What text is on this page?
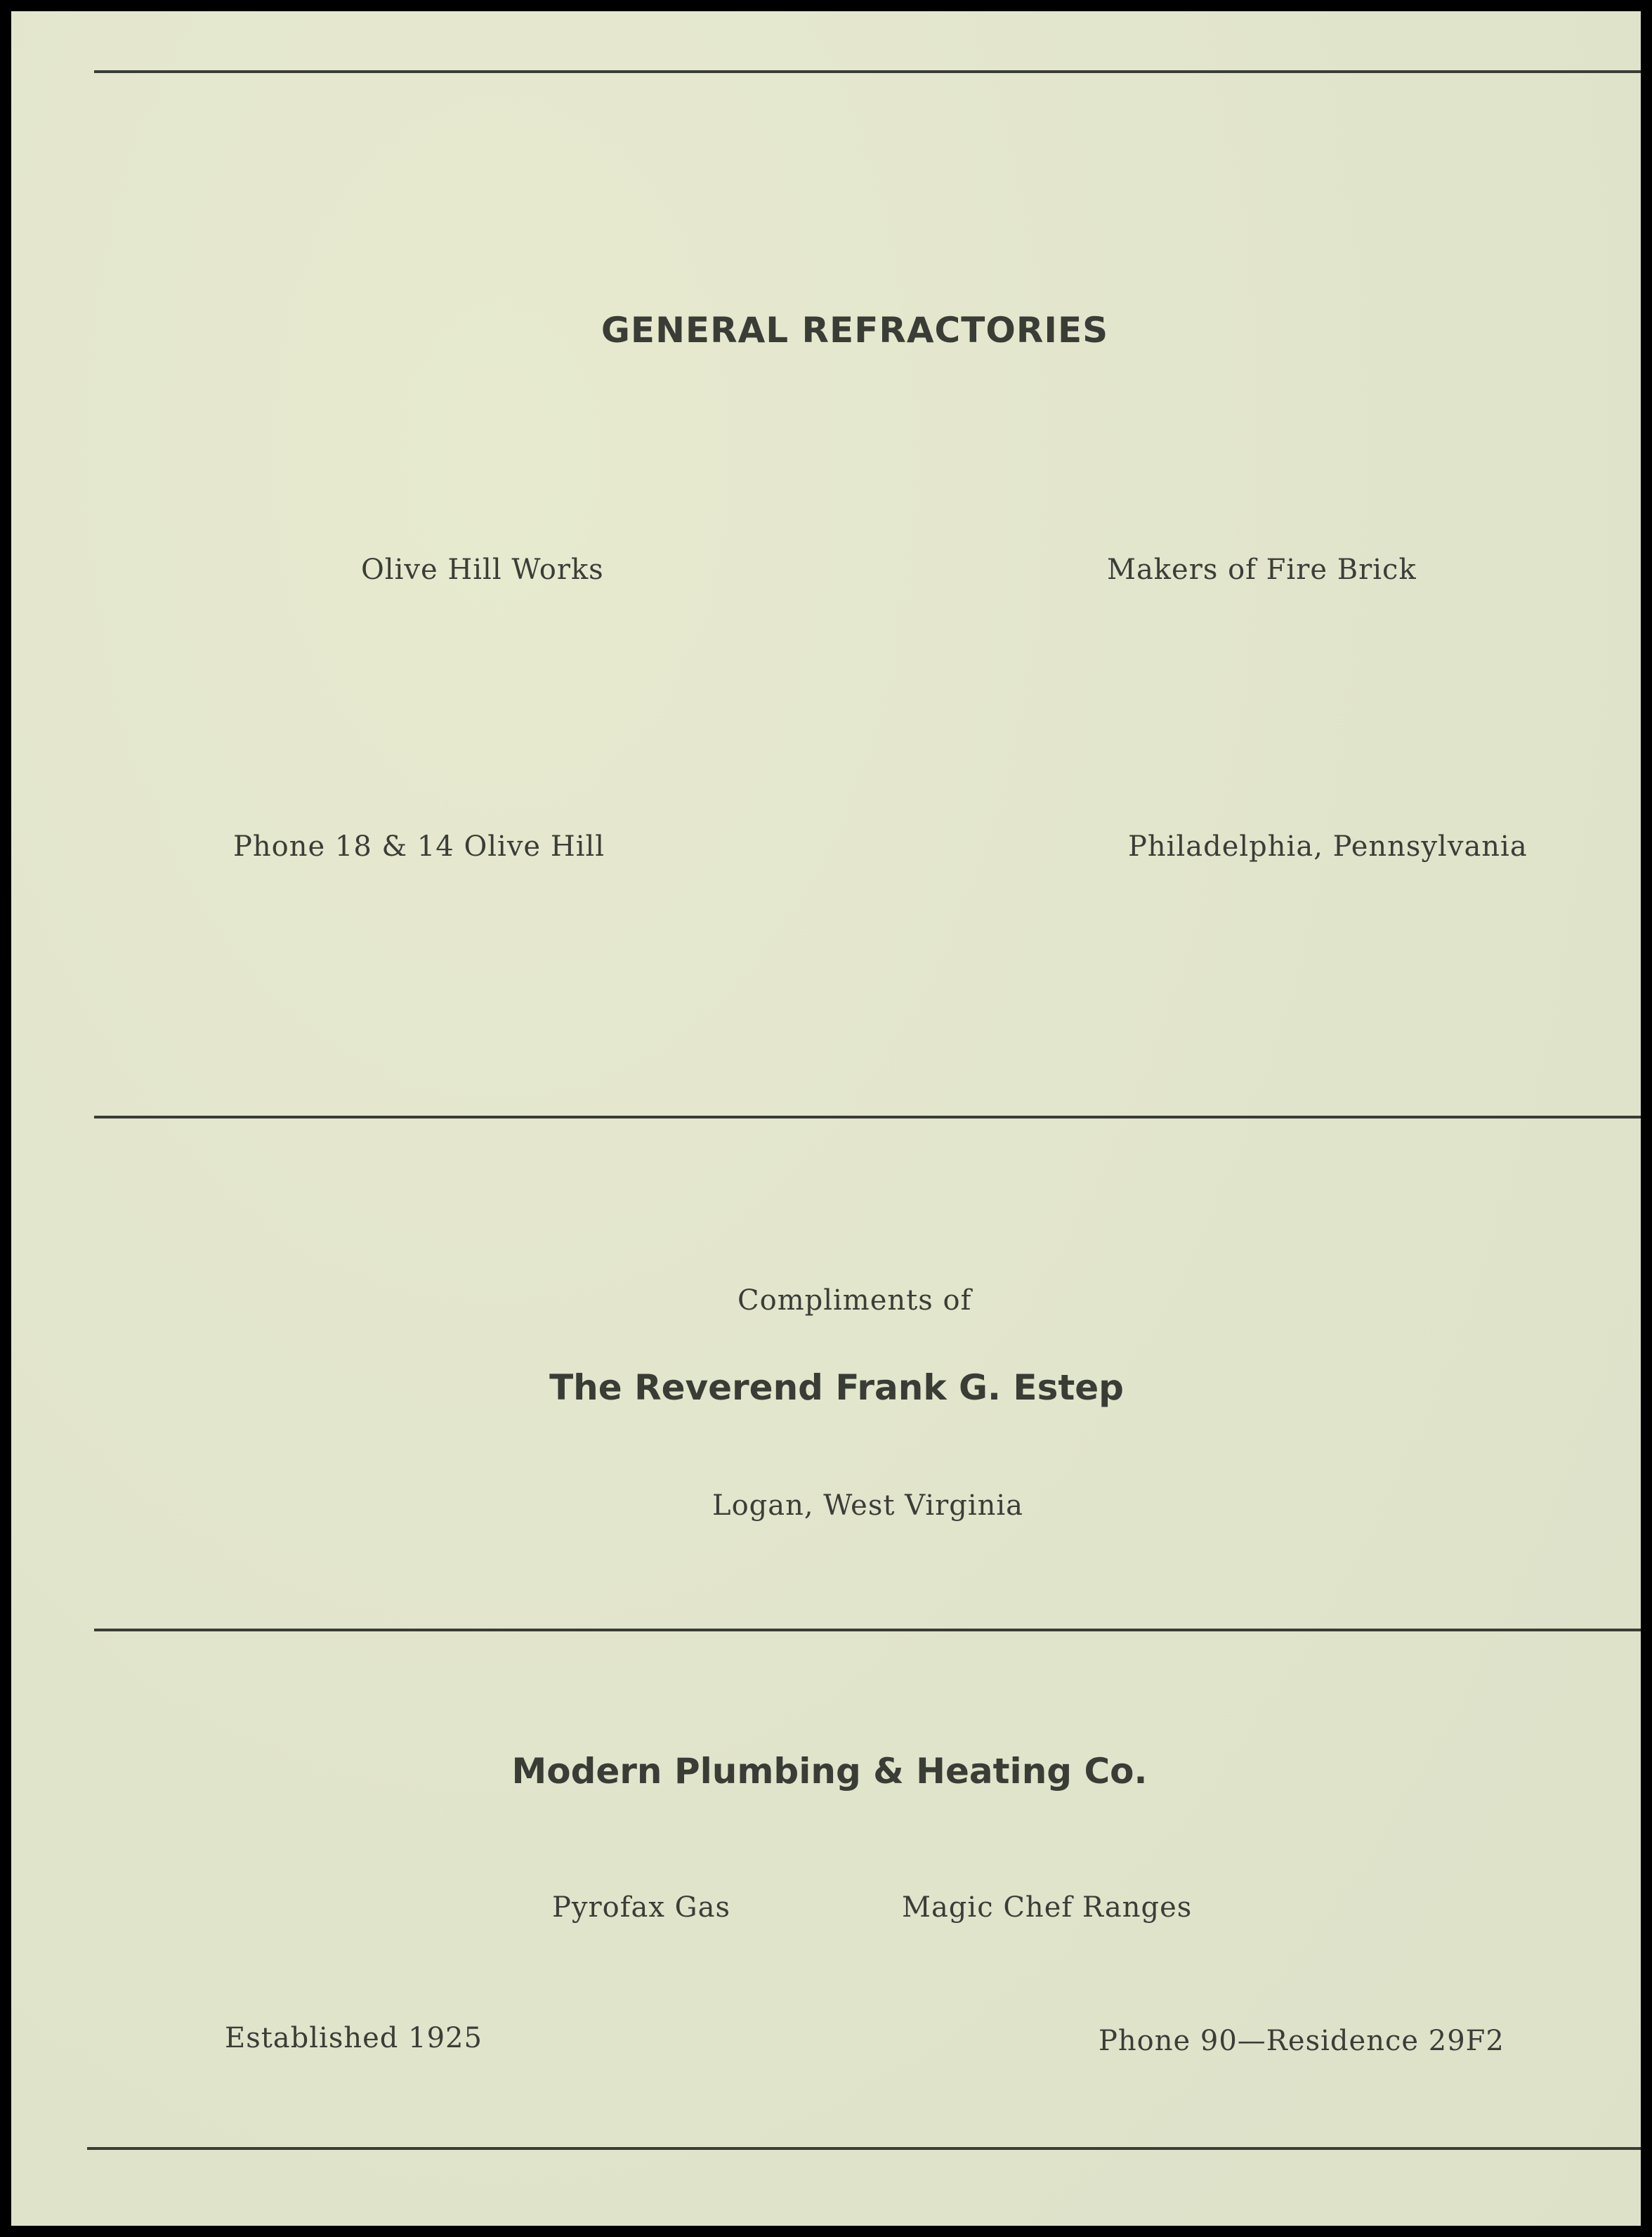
GENERAL REFRACTORIES
Olive Hill Works	Makers of Fire Brick
Phone 18 & 14 Olive Hill	Philadelphia, Pennsylvania
Compliments of
The Reverend Frank G. Estep
Logan, West Virginia
Modern Plumbing & Heating Co.
Pyrofax Gas	Magic Chef Ranges
Established 1925	Phone 90—Residence 29F2
